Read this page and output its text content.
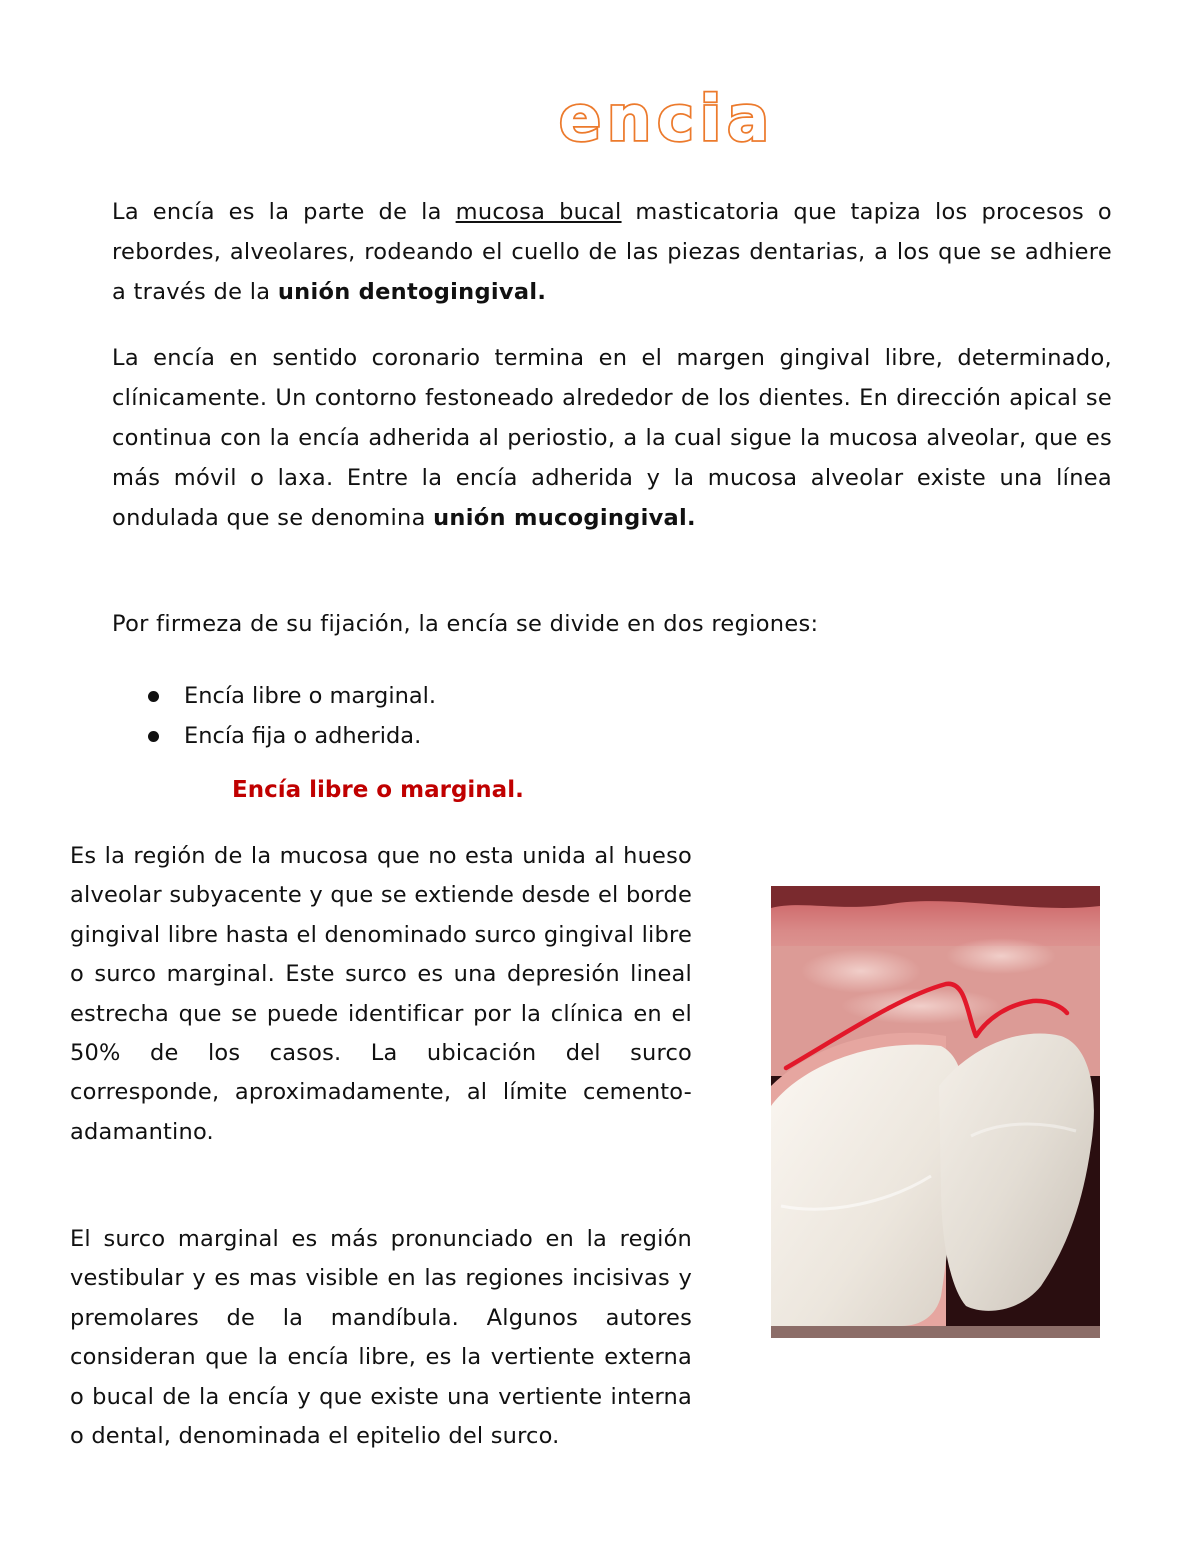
encia

La encía es la parte de la mucosa bucal masticatoria que tapiza los procesos o rebordes, alveolares, rodeando el cuello de las piezas dentarias, a los que se adhiere a través de la unión dentogingival.

La encía en sentido coronario termina en el margen gingival libre, determinado, clínicamente. Un contorno festoneado alrededor de los dientes. En dirección apical se continua con la encía adherida al periostio, a la cual sigue la mucosa alveolar, que es más móvil o laxa. Entre la encía adherida y la mucosa alveolar existe una línea ondulada que se denomina unión mucogingival.

Por firmeza de su fijación, la encía se divide en dos regiones:

Encía libre o marginal.
Encía fija o adherida.

Encía libre o marginal.

Es la región de la mucosa que no esta unida al hueso alveolar subyacente y que se extiende desde el borde gingival libre hasta el denominado surco gingival libre o surco marginal. Este surco es una depresión lineal estrecha que se puede identificar por la clínica en el 50% de los casos. La ubicación del surco corresponde, aproximadamente, al límite cemento-adamantino.

El surco marginal es más pronunciado en la región vestibular y es mas visible en las regiones incisivas y premolares de la mandíbula. Algunos autores consideran que la encía libre, es la vertiente externa o bucal de la encía y que existe una vertiente interna o dental, denominada el epitelio del surco.
